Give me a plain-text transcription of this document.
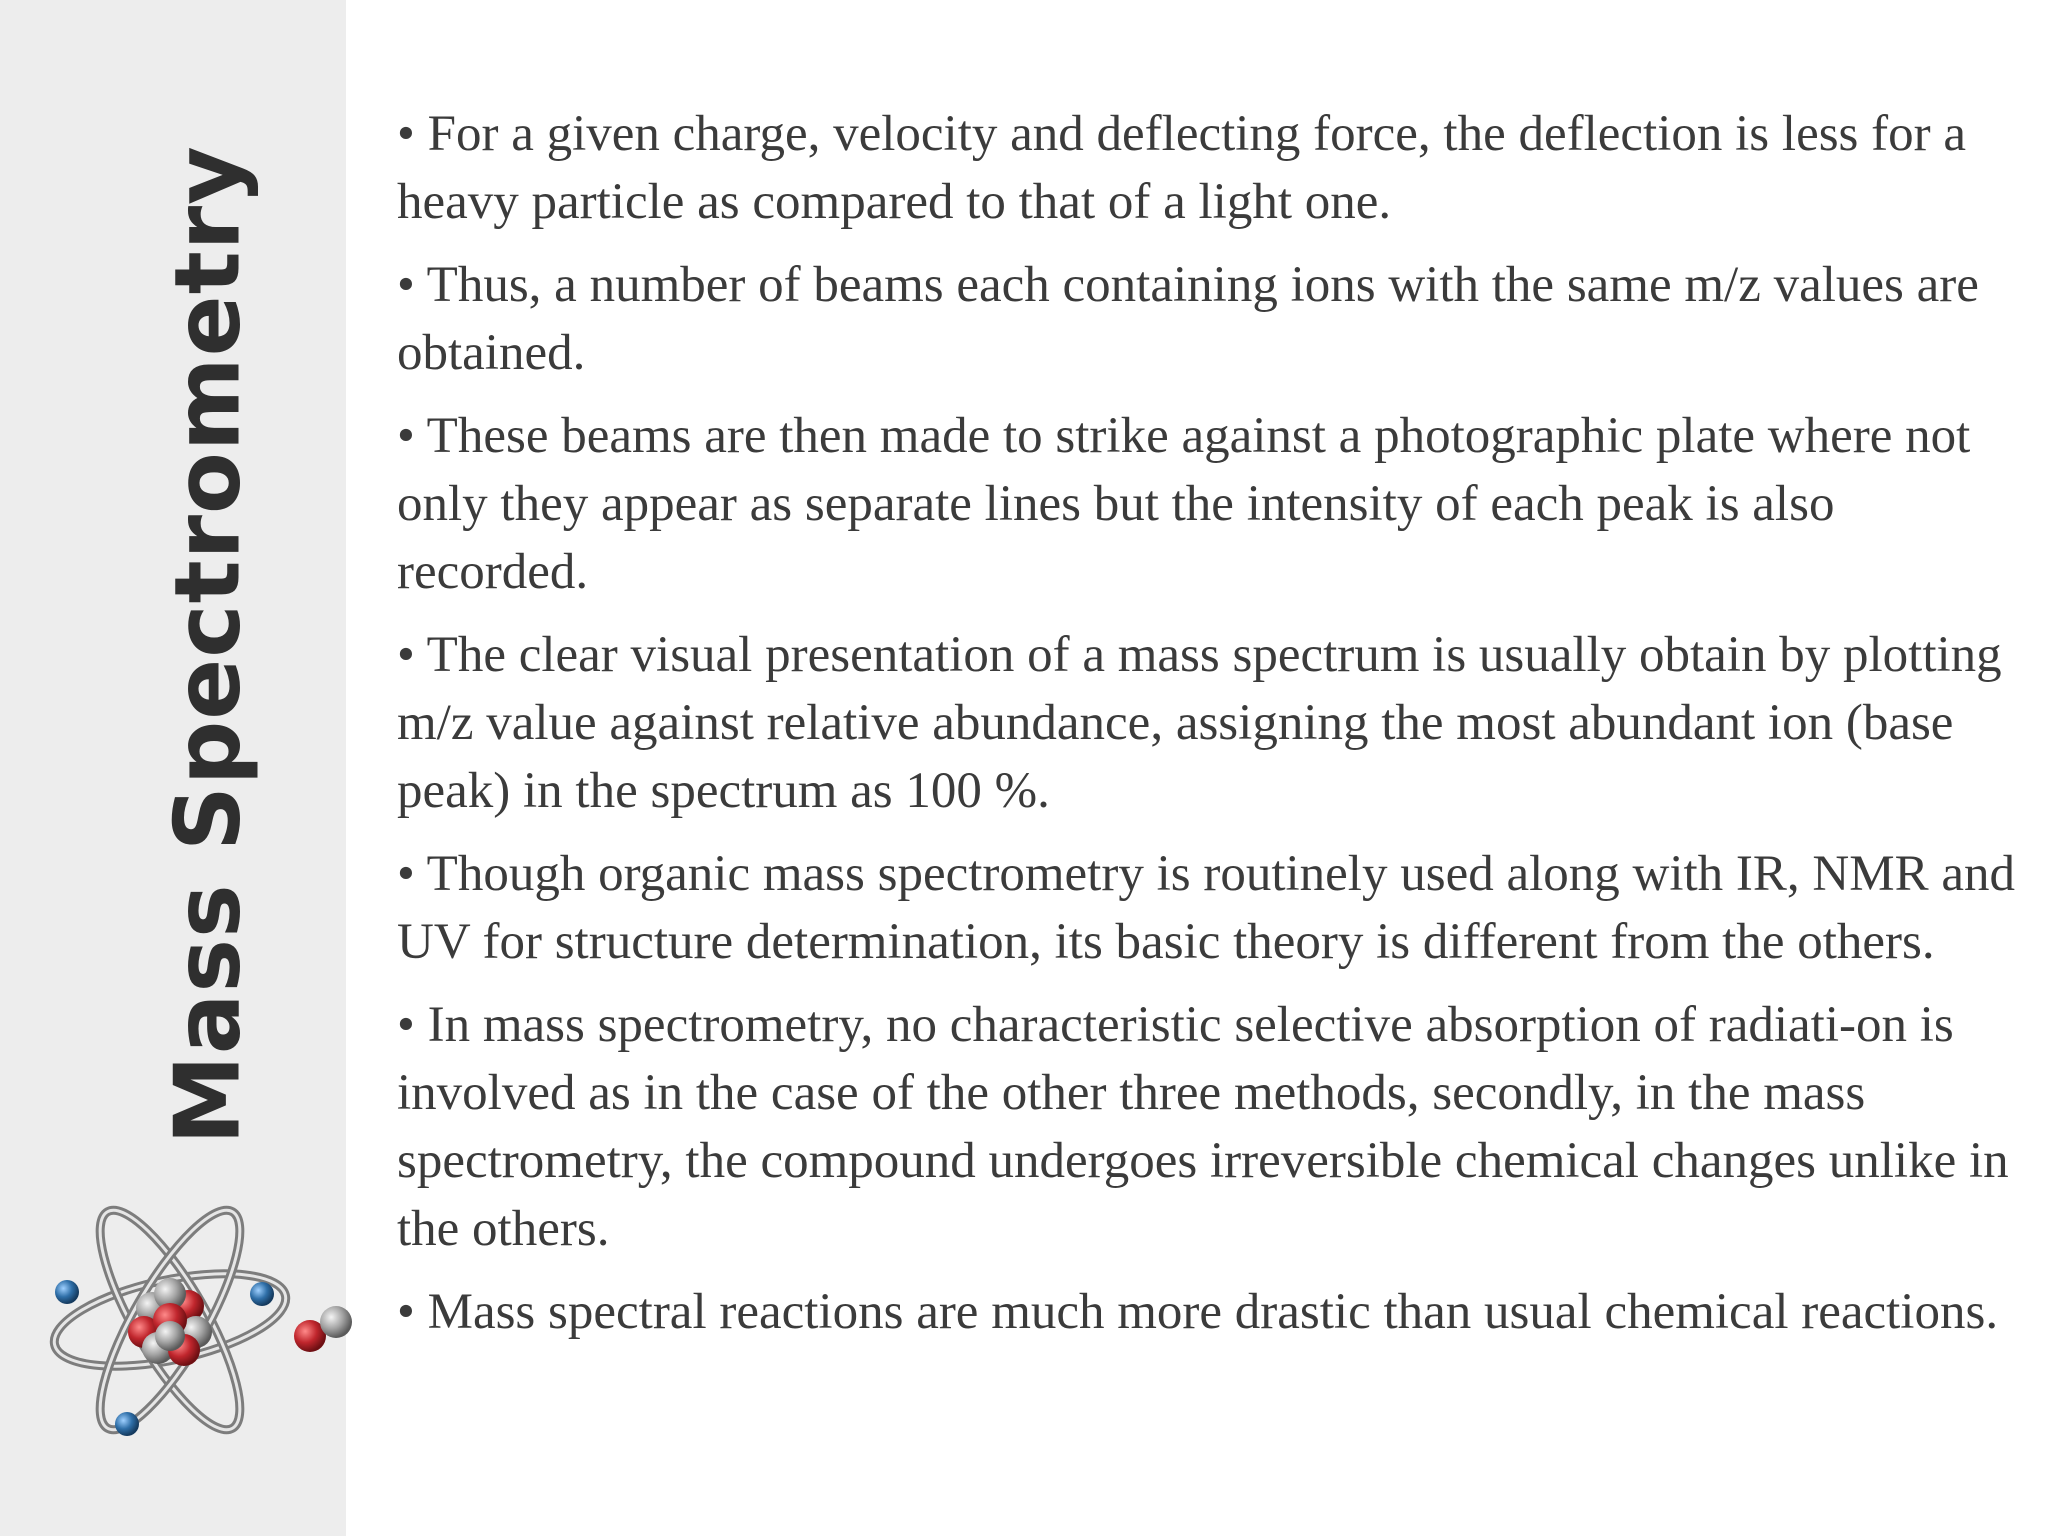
Mass Spectrometry

• For a given charge, velocity and deflecting force, the deflection is less for a heavy particle as compared to that of a light one.

• Thus, a number of beams each containing ions with the same m/z values are obtained.

• These beams are then made to strike against a photographic plate where not only they appear as separate lines but the intensity of each peak is also recorded.

• The clear visual presentation of a mass spectrum is usually obtain by plotting m/z value against relative abundance, assigning the most abundant ion (base peak) in the spectrum as 100 %.

• Though organic mass spectrometry is routinely used along with IR, NMR and UV for structure determination, its basic theory is different from the others.

• In mass spectrometry, no characteristic selective absorption of radiati-on is involved as in the case of the other three methods, secondly, in the mass spectrometry, the compound undergoes irreversible chemical changes unlike in the others.

• Mass spectral reactions are much more drastic than usual chemical reactions.
